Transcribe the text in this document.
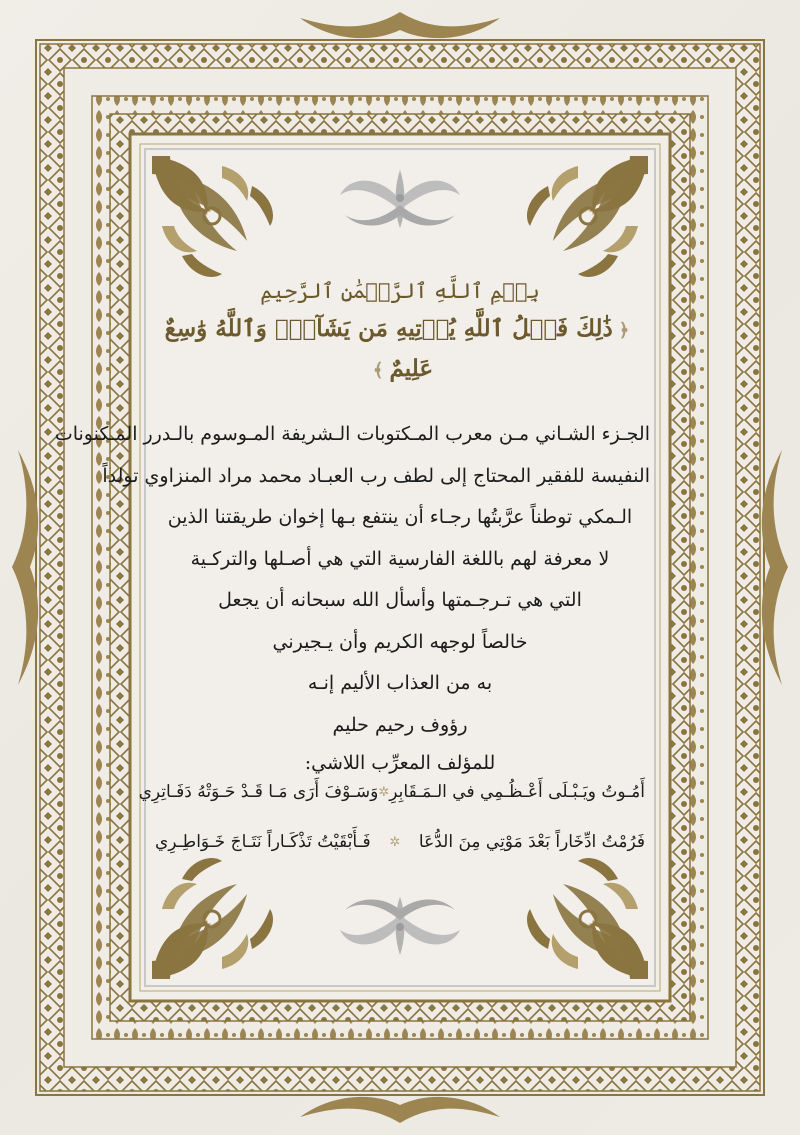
بِسۡمِ ٱللَّهِ ٱلرَّحۡمَٰنِ ٱلرَّحِيمِ

﴿ذَٰلِكَ فَضۡلُ ٱللَّهِ يُؤۡتِيهِ مَن يَشَآءُۚ وَٱللَّهُ وَٰسِعٌ عَلِيمٌ﴾

الجـزء الشـاني مـن معرب المـكتوبات الـشريفة المـوسوم بالـدرر المـكنونات
النفيسة للفقير المحتاج إلى لطف رب العبـاد محمد مراد المنزاوي تولداً
الـمكي توطناً عرَّبتُها رجـاء أن ينتفع بـها إخوان طريقتنا الذين
لا معرفة لهم باللغة الفارسية التي هي أصـلها والتركـية
التي هي تـرجـمتها وأسأل الله سبحانه أن يجعل
خالصاً لوجهه الكريم وأن يـجيرني
به من العذاب الأليم إنـه
رؤوف رحيم حليم
للمؤلف المعرِّب اللاشي:
أَمُـوتُ ويَـبْـلَى أَعْـظُـمِي في الـمَـقَابِرِ
✲
وَسَـوْفَ أَرَى مَـا قَـدْ حَـوَتْهُ دَفَـاتِرِي
فَرُمْتُ ادِّخَاراً بَعْدَ مَوْتِي مِنَ الدُّعَا
✲
فَـأَبْقَيْتُ تَذْكَـاراً نَتَـاجَ خَـوَاطِـرِي
